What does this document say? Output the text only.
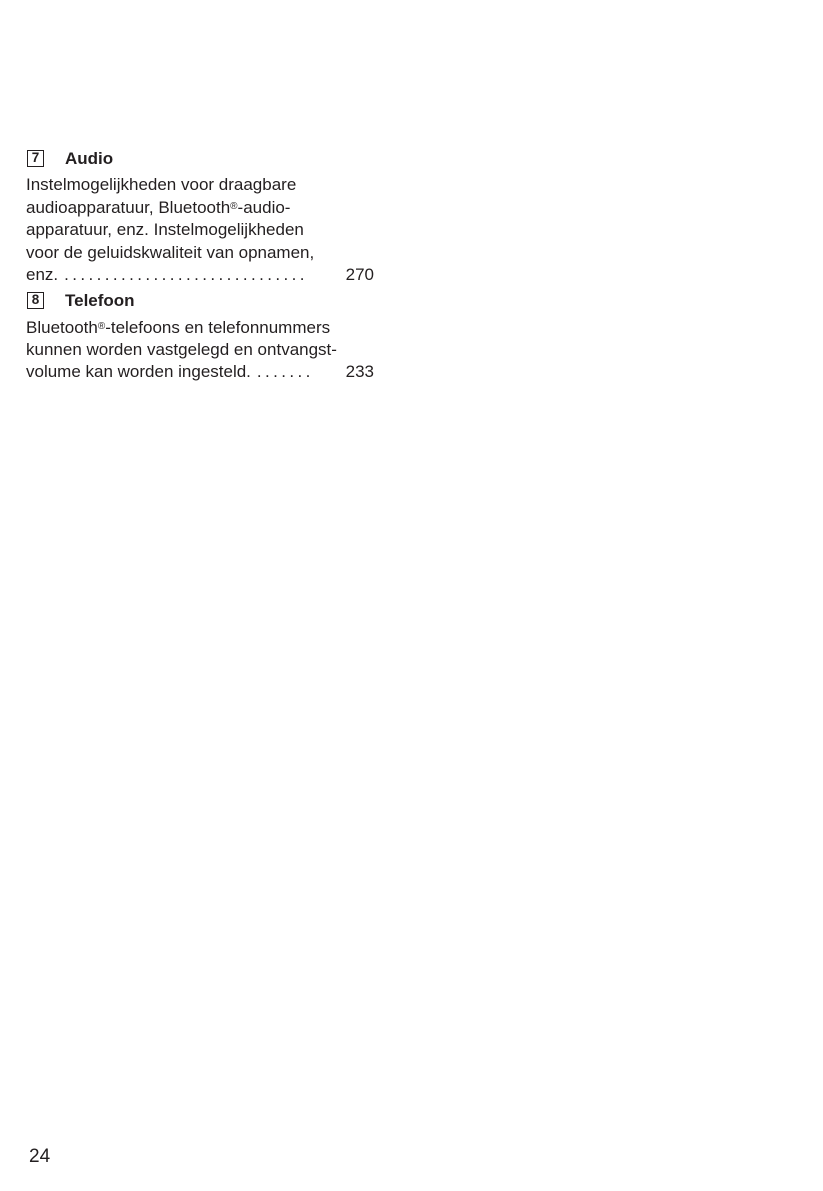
7 Audio

Instelmogelijkheden voor draagbare
audioapparatuur, Bluetooth®-audio-
apparatuur, enz. Instelmogelijkheden
voor de geluidskwaliteit van opnamen,
enz. ..............................	270

8 Telefoon

Bluetooth®-telefoons en telefonnummers
kunnen worden vastgelegd en ontvangst-
volume kan worden ingesteld. .......	233

24
